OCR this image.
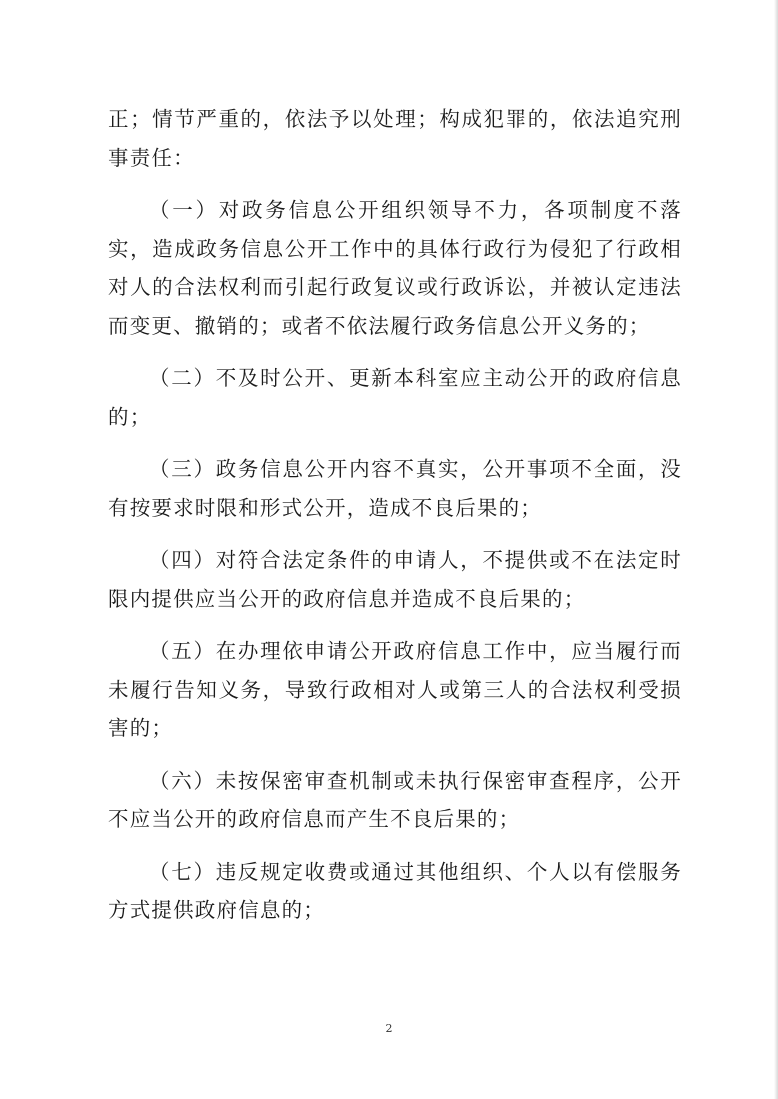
正；情节严重的，依法予以处理；构成犯罪的，依法追究刑事责任：

（一）对政务信息公开组织领导不力，各项制度不落实，造成政务信息公开工作中的具体行政行为侵犯了行政相对人的合法权利而引起行政复议或行政诉讼，并被认定违法而变更、撤销的；或者不依法履行政务信息公开义务的；

（二）不及时公开、更新本科室应主动公开的政府信息的；

（三）政务信息公开内容不真实，公开事项不全面，没有按要求时限和形式公开，造成不良后果的；

（四）对符合法定条件的申请人，不提供或不在法定时限内提供应当公开的政府信息并造成不良后果的；

（五）在办理依申请公开政府信息工作中，应当履行而未履行告知义务，导致行政相对人或第三人的合法权利受损害的；

（六）未按保密审查机制或未执行保密审查程序，公开不应当公开的政府信息而产生不良后果的；

（七）违反规定收费或通过其他组织、个人以有偿服务方式提供政府信息的；

2
